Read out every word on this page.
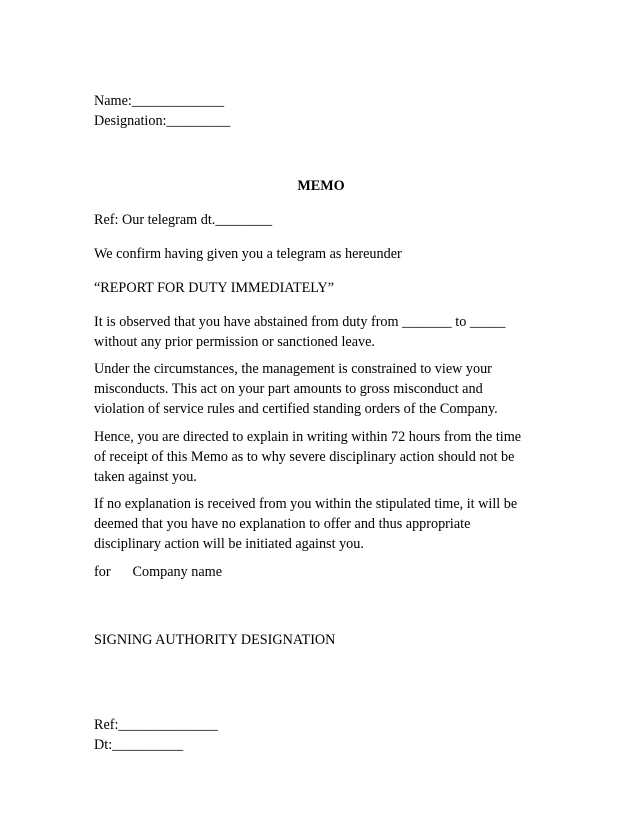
Name:_____________
Designation:_________
MEMO
Ref: Our telegram dt.________
We confirm having given you a telegram as hereunder
“REPORT FOR DUTY IMMEDIATELY”
It is observed that you have abstained from duty from _______ to _____
without any prior permission or sanctioned leave.
Under the circumstances, the management is constrained to view your
misconducts. This act on your part amounts to gross misconduct and
violation of service rules and certified standing orders of the Company.
Hence, you are directed to explain in writing within 72 hours from the time
of receipt of this Memo as to why severe disciplinary action should not be
taken against you.
If no explanation is received from you within the stipulated time, it will be
deemed that you have no explanation to offer and thus appropriate
disciplinary action will be initiated against you.
for Company name
SIGNING AUTHORITY DESIGNATION
Ref:______________
Dt:__________
